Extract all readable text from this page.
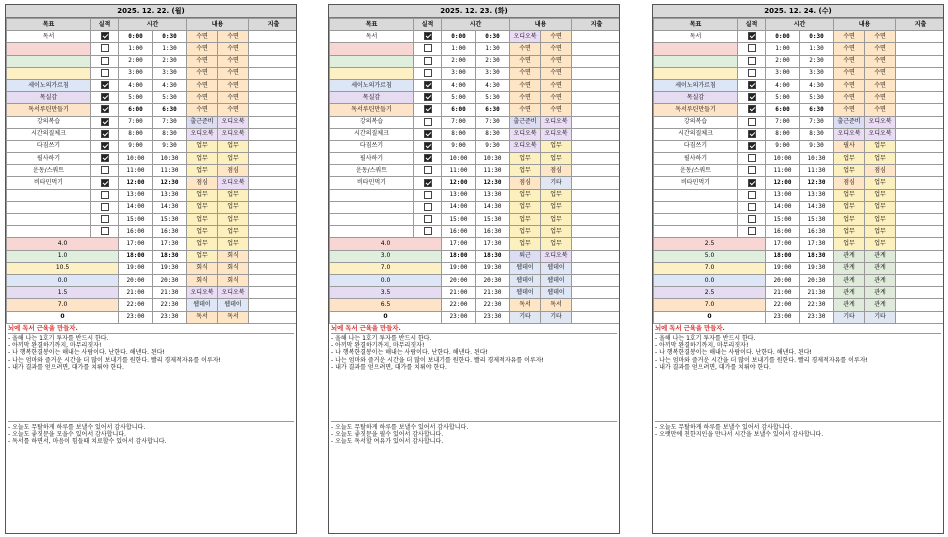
2025. 12. 22. (월)
목표	실적	시간		내용		지출
독서		0:00	0:30	수면	수면	
		1:00	1:30	수면	수면	
		2:00	2:30	수면	수면	
		3:00	3:30	수면	수면	
세이노의가르침		4:00	4:30	수면	수면	
목실감		5:00	5:30	수면	수면	
독서루틴만들기		6:00	6:30	수면	수면	
강의복습		7:00	7:30	출근준비	오디오북	
시간의질체크		8:00	8:30	오디오북	오디오북	
다짐쓰기		9:00	9:30	업무	업무	
필사하기		10:00	10:30	업무	업무	
운동/스쿼트		11:00	11:30	업무	점심	
비타민먹기		12:00	12:30	점심	오디오북	
		13:00	13:30	업무	업무	
		14:00	14:30	업무	업무	
		15:00	15:30	업무	업무	
		16:00	16:30	업무	업무	
4.0		17:00	17:30	업무	업무	
1.0		18:00	18:30	업무	회식	
10.5		19:00	19:30	회식	회식	
0.0		20:00	20:30	회식	회식	
1.5		21:00	21:30	오디오북	오디오북	
7.0		22:00	22:30	웹데이	웹데이	
0		23:00	23:30	독서	독서	
뇌에 독서 근육을 만들자.
- 올해 나는 1호기 투자를 반드시 한다.
- 아끼막 완결하기까지, 마무리짓자!
- 나 행복한결봉이는 해내는 사람이다. 난한다. 해낸다. 된다!
- 나는 엄마와 즐거운 시간을 더 많이 보내기를 원한다. 빨리 경제적자유를 이루자!
- 내가 결과를 얻으려면, 대가를 치뤄야 한다.
- 오늘도 무탈하게 하루를 보낼수 있어서 감사합니다.
- 오늘도 좋짓문을 모을수 있어서 감사합니다.
- 독서를 하면서, 마음이 힘들때 치료할수 있어서 감사합니다.
2025. 12. 23. (화)
목표	실적	시간		내용		지출
독서		0:00	0:30	오디오북	수면	
		1:00	1:30	수면	수면	
		2:00	2:30	수면	수면	
		3:00	3:30	수면	수면	
세이노의가르침		4:00	4:30	수면	수면	
목실감		5:00	5:30	수면	수면	
독서루틴만들기		6:00	6:30	수면	수면	
강의복습		7:00	7:30	출근준비	오디오북	
시간의질체크		8:00	8:30	오디오북	오디오북	
다짐쓰기		9:00	9:30	오디오북	업무	
필사하기		10:00	10:30	업무	업무	
운동/스쿼트		11:00	11:30	업무	점심	
비타민먹기		12:00	12:30	점심	기타	
		13:00	13:30	업무	업무	
		14:00	14:30	업무	업무	
		15:00	15:30	업무	업무	
		16:00	16:30	업무	업무	
4.0		17:00	17:30	업무	업무	
3.0		18:00	18:30	퇴근	오디오북	
7.0		19:00	19:30	웹데이	웹데이	
0.0		20:00	20:30	웹데이	웹데이	
3.5		21:00	21:30	웹데이	웹데이	
6.5		22:00	22:30	독서	독서	
0		23:00	23:30	기타	기타	
뇌에 독서 근육을 만들자.
- 올해 나는 1호기 투자를 반드시 한다.
- 아끼막 완결하기까지, 마무리짓자!
- 나 행복한결봉이는 해내는 사람이다. 난한다. 해낸다. 된다!
- 나는 엄마와 즐거운 시간을 더 많이 보내기를 원한다. 빨리 경제적자유를 이루자!
- 내가 결과를 얻으려면, 대가를 치뤄야 한다.
- 오늘도 무탈하게 하루를 보낼수 있어서 감사합니다.
- 오늘도 좋짓문을 필수 있어서 감사합니다.
- 오늘도 독서할 여유가 있어서 감사합니다.
2025. 12. 24. (수)
목표	실적	시간		내용		지출
독서		0:00	0:30	수면	수면	
		1:00	1:30	수면	수면	
		2:00	2:30	수면	수면	
		3:00	3:30	수면	수면	
세이노의가르침		4:00	4:30	수면	수면	
목실감		5:00	5:30	수면	수면	
독서루틴만들기		6:00	6:30	수면	수면	
강의복습		7:00	7:30	출근준비	오디오북	
시간의질체크		8:00	8:30	오디오북	오디오북	
다짐쓰기		9:00	9:30	필사	업무	
필사하기		10:00	10:30	업무	업무	
운동/스쿼트		11:00	11:30	업무	점심	
비타민먹기		12:00	12:30	점심	업무	
		13:00	13:30	업무	업무	
		14:00	14:30	업무	업무	
		15:00	15:30	업무	업무	
		16:00	16:30	업무	업무	
2.5		17:00	17:30	업무	업무	
5.0		18:00	18:30	관계	관계	
7.0		19:00	19:30	관계	관계	
0.0		20:00	20:30	관계	관계	
2.5		21:00	21:30	관계	관계	
7.0		22:00	22:30	관계	관계	
0		23:00	23:30	기타	기타	
뇌에 독서 근육을 만들자.
- 올해 나는 1호기 투자를 반드시 한다.
- 아끼막 완결하기까지, 마무리짓자!
- 나 행복한결봉이는 해내는 사람이다. 난한다. 해낸다. 된다!
- 나는 엄마와 즐거운 시간을 더 많이 보내기를 원한다. 빨리 경제적자유를 이루자!
- 내가 결과를 얻으려면, 대가를 치뤄야 한다.
- 오늘도 무탈하게 하루를 보낼수 있어서 감사합니다.
- 오랫만에 친한지인을 만나서 시간을 보낼수 있어서 감사합니다.
